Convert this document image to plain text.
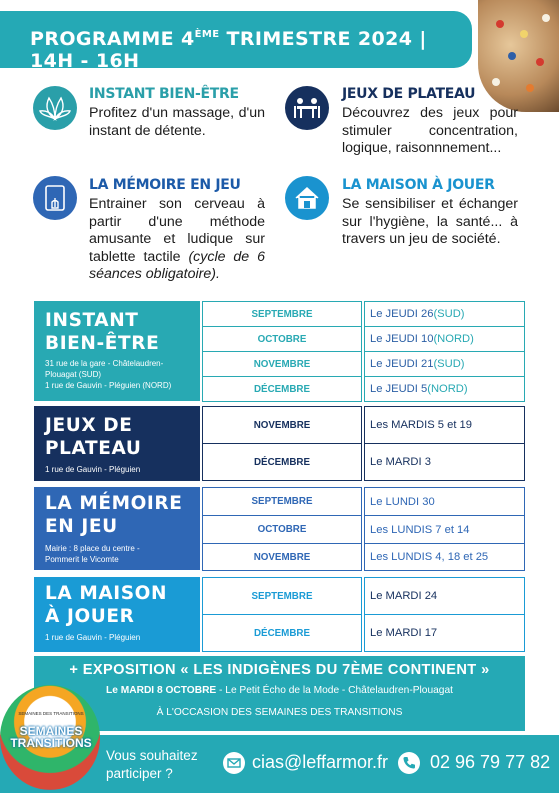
PROGRAMME 4ÈME TRIMESTRE 2024 | 14H - 16H
INSTANT BIEN-ÊTRE
Profitez d'un massage, d'un instant de détente.
JEUX DE PLATEAU
Découvrez des jeux pour stimuler concentration, logique, raisonnnement...
LA MÉMOIRE EN JEU
Entrainer son cerveau à partir d'une méthode amusante et ludique sur tablette tactile (cycle de 6 séances obligatoire).
LA MAISON À JOUER
Se sensibiliser et échanger sur l'hygiène, la santé... à travers un jeu de société.
INSTANT
BIEN-ÊTRE
31 rue de la gare - Châtelaudren-
Plouagat (SUD)
1 rue de Gauvin - Pléguien (NORD)
SEPTEMBRE	Le JEUDI 26 (SUD)
OCTOBRE	Le JEUDI 10 (NORD)
NOVEMBRE	Le JEUDI 21 (SUD)
DÉCEMBRE	Le JEUDI 5 (NORD)
JEUX DE
PLATEAU
1 rue de Gauvin - Pléguien
NOVEMBRE	Les MARDIS 5 et 19
DÉCEMBRE	Le MARDI 3
LA MÉMOIRE
EN JEU
Mairie : 8 place du centre -
Pommerit le Vicomte
SEPTEMBRE	Le LUNDI 30
OCTOBRE	Les LUNDIS 7 et 14
NOVEMBRE	Les LUNDIS 4, 18 et 25
LA MAISON
À JOUER
1 rue de Gauvin - Pléguien
SEPTEMBRE	Le MARDI 24
DÉCEMBRE	Le MARDI 17
+ EXPOSITION « LES INDIGÈNES DU 7ÈME CONTINENT »
Le MARDI 8 OCTOBRE - Le Petit Écho de la Mode - Châtelaudren-Plouagat
À L'OCCASION DES SEMAINES DES TRANSITIONS
SEMAINES DES TRANSITIONS
SEMAINES
TRANSITIONS
Vous souhaitez
participer ?
cias@leffarmor.fr 02 96 79 77 82
